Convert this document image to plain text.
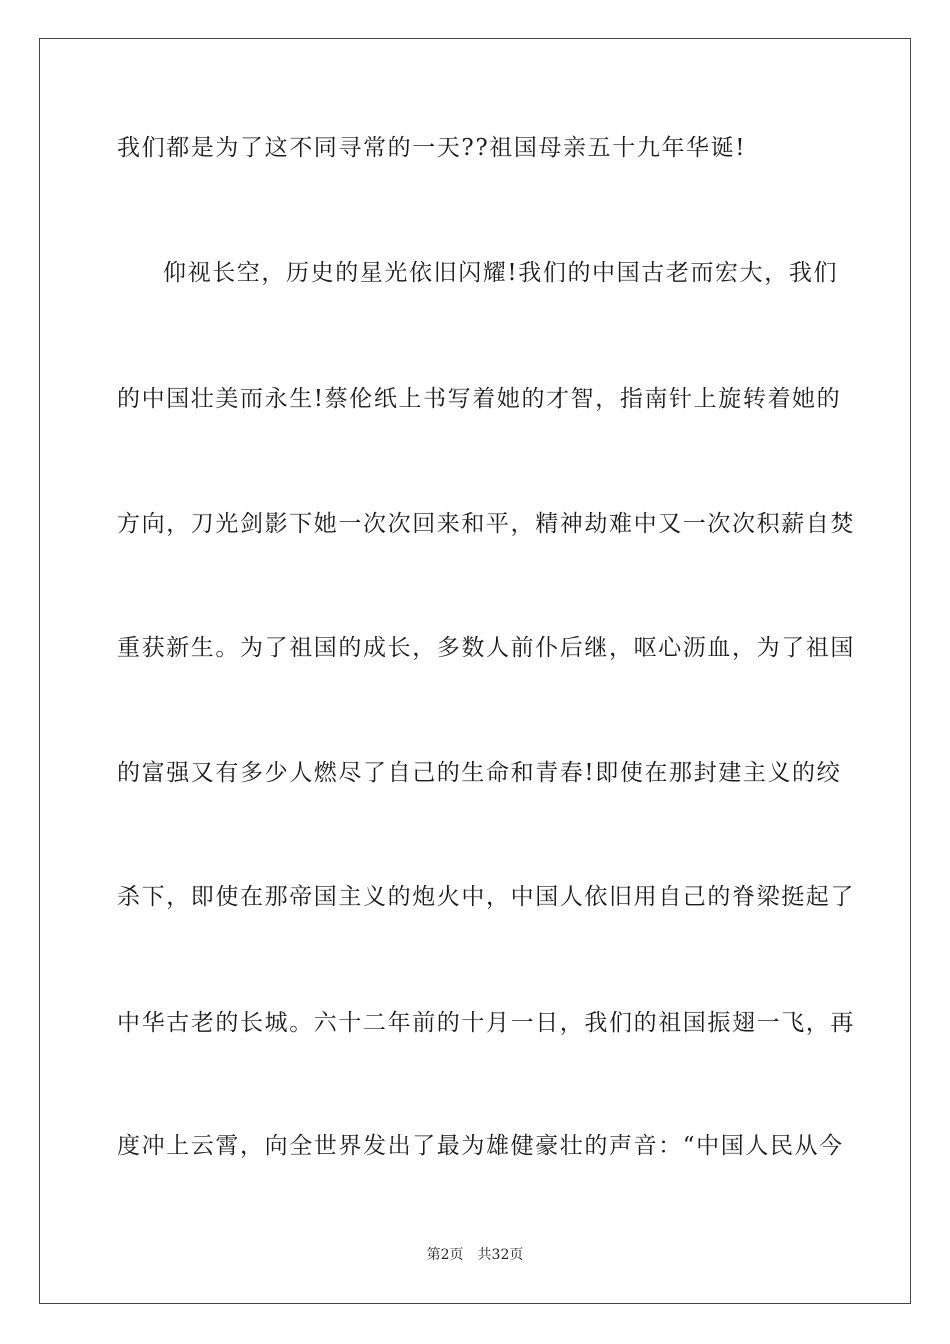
我们都是为了这不同寻常的一天??祖国母亲五十九年华诞!
仰视长空，历史的星光依旧闪耀!我们的中国古老而宏大，我们
的中国壮美而永生!蔡伦纸上书写着她的才智，指南针上旋转着她的
方向，刀光剑影下她一次次回来和平，精神劫难中又一次次积薪自焚
重获新生。为了祖国的成长，多数人前仆后继，呕心沥血，为了祖国
的富强又有多少人燃尽了自己的生命和青春!即使在那封建主义的绞
杀下，即使在那帝国主义的炮火中，中国人依旧用自己的脊梁挺起了
中华古老的长城。六十二年前的十月一日，我们的祖国振翅一飞，再
度冲上云霄，向全世界发出了最为雄健豪壮的声音：“中国人民从今
第2页 共32页
